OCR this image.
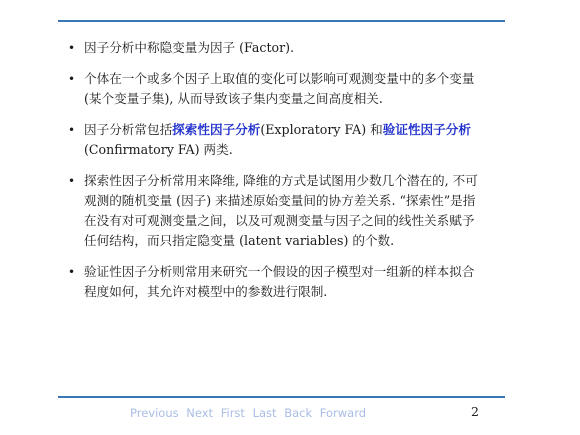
• 因子分析中称隐变量为因子 (Factor).
• 个体在一个或多个因子上取值的变化可以影响可观测变量中的多个变量 (某个变量子集), 从而导致该子集内变量之间高度相关.
• 因子分析常包括探索性因子分析(Exploratory FA) 和验证性因子分析(Confirmatory FA) 两类.
• 探索性因子分析常用来降维, 降维的方式是试图用少数几个潜在的, 不可观测的随机变量 (因子) 来描述原始变量间的协方差关系. “探索性”是指在没有对可观测变量之间，以及可观测变量与因子之间的线性关系赋予任何结构，而只指定隐变量 (latent variables) 的个数.
• 验证性因子分析则常用来研究一个假设的因子模型对一组新的样本拟合程度如何，其允许对模型中的参数进行限制.
Previous Next First Last Back Forward	2
